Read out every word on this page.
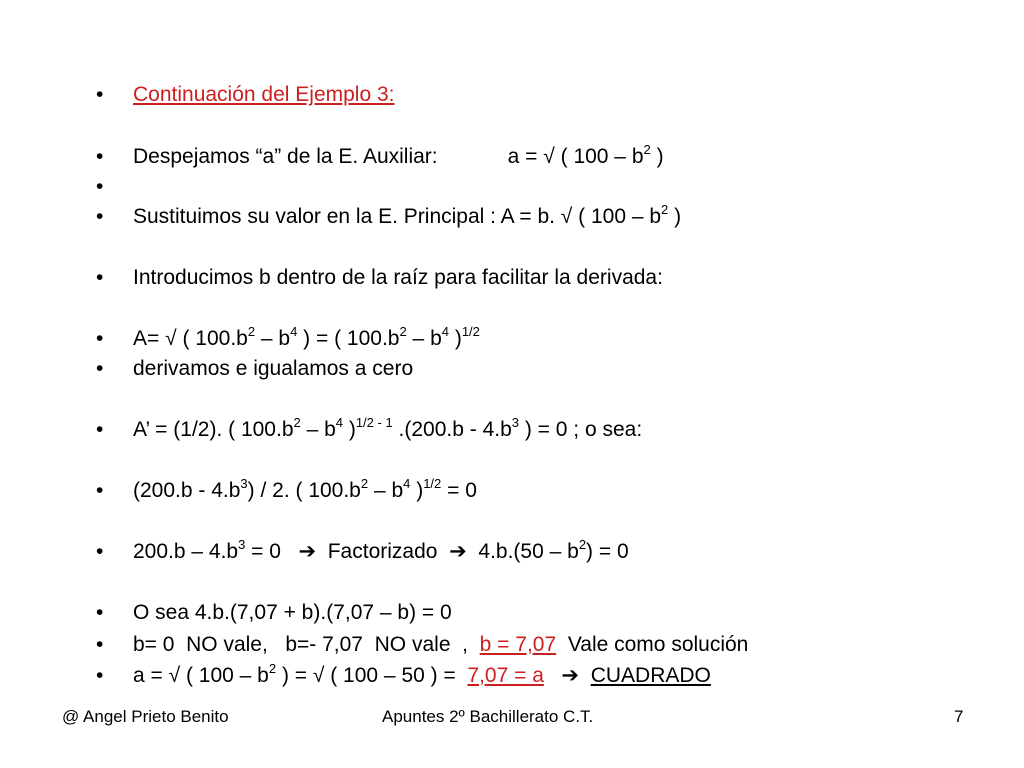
• Continuación del Ejemplo 3:
• Despejamos “a” de la E. Auxiliar:	a = √ ( $100 - b^2$ )
•
• Sustituimos su valor en la E. Principal : A = b. √ ( $100 - b^2$ )
• Introducimos b dentro de la raíz para facilitar la derivada:
• A= √ ( $100.b^2 - b^4$ ) = ( $100.b^2 - b^4$ )$^{1/2}$
• derivamos e igualamos a cero
• A’ = (1/2). ( $100.b^2 - b^4$ )$^{1/2 - 1}$ $.(200.b - 4.b^3$ ) = 0 ; o sea:
• $(200.b - 4.b^3) / 2$. ( $100.b^2 - b^4$ )$^{1/2}$ = 0
• $200.b - 4.b^3 = 0$   ➔  Factorizado  ➔  $4.b.(50 - b^2) = 0$
• O sea 4.b.(7,07 + b).(7,07 – b) = 0
• b= 0  NO vale,   b=- 7,07  NO vale  ,  b = 7,07  Vale como solución
• a = √ ( $100 - b^2$ ) = √ ( 100 – 50 ) =  7,07 = a ➔ CUADRADO
@ Angel Prieto Benito	Apuntes 2º Bachillerato C.T.	7
